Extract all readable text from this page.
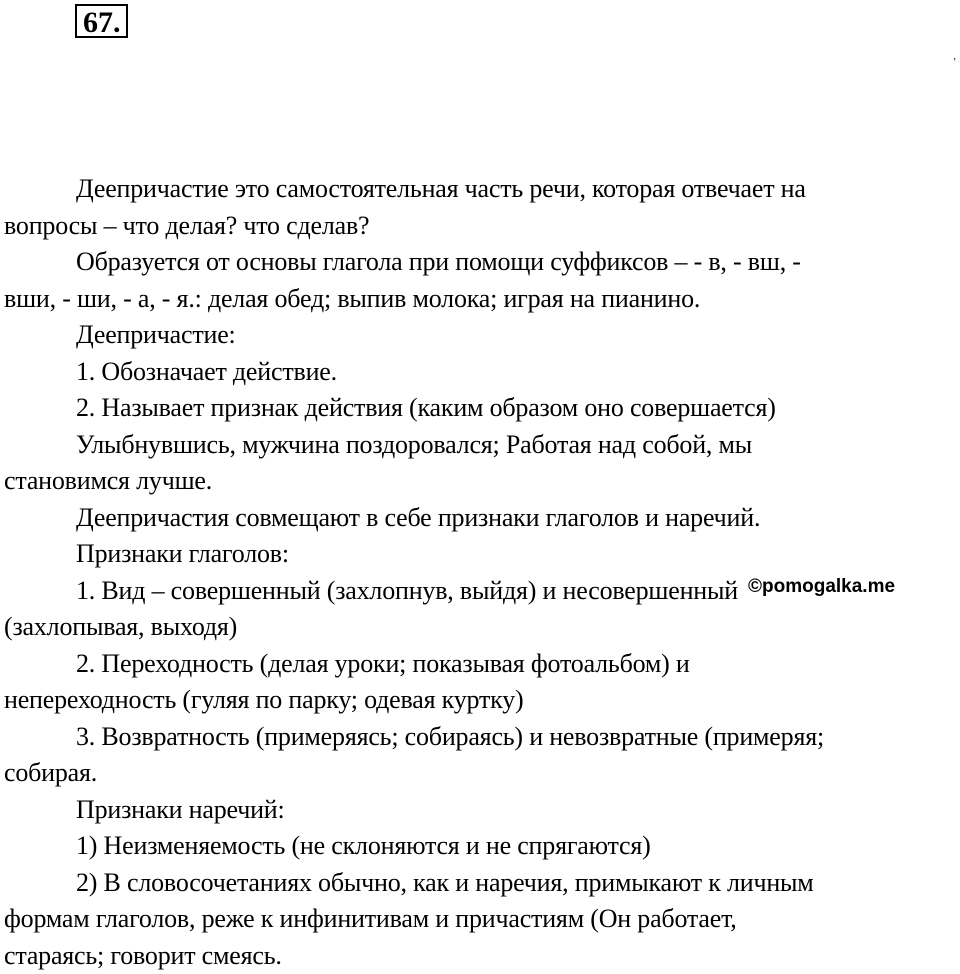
67.
’
Деепричастие это самостоятельная часть речи, которая отвечает на
вопросы – что делая? что сделав?
Образуется от основы глагола при помощи суффиксов – - в, - вш, -
вши, - ши, - а, - я.: делая обед; выпив молока; играя на пианино.
Деепричастие:
1. Обозначает действие.
2. Называет признак действия (каким образом оно совершается)
Улыбнувшись, мужчина поздоровался; Работая над собой, мы
становимся лучше.
Деепричастия совмещают в себе признаки глаголов и наречий.
Признаки глаголов:
1. Вид – совершенный (захлопнув, выйдя) и несовершенный
(захлопывая, выходя)
2. Переходность (делая уроки; показывая фотоальбом) и
непереходность (гуляя по парку; одевая куртку)
3. Возвратность (примеряясь; собираясь) и невозвратные (примеряя;
собирая.
Признаки наречий:
1) Неизменяемость (не склоняются и не спрягаются)
2) В словосочетаниях обычно, как и наречия, примыкают к личным
формам глаголов, реже к инфинитивам и причастиям (Он работает,
стараясь; говорит смеясь.
©pomogalka.me
